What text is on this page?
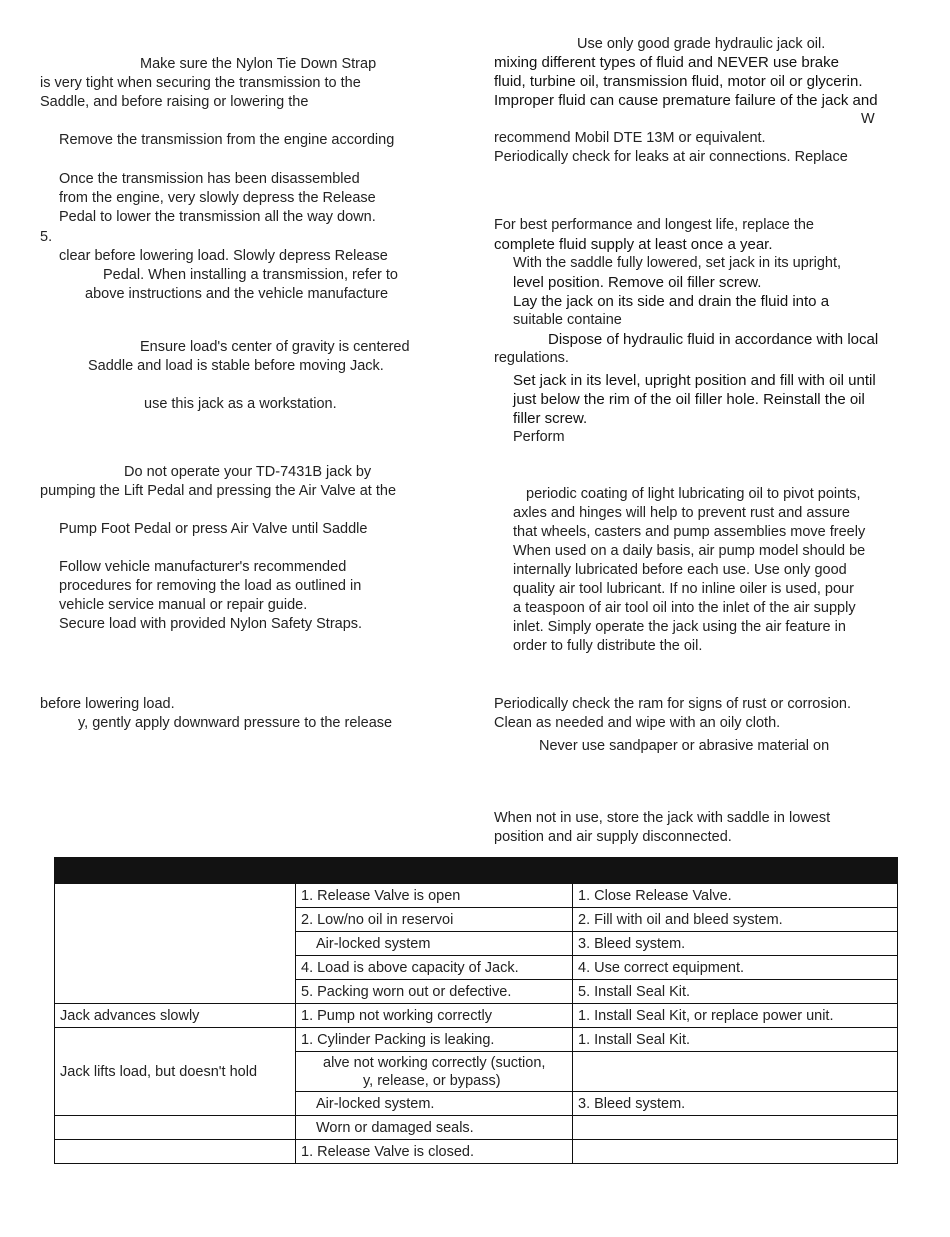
Make sure the Nylon Tie Down Strap
is very tight when securing the transmission to the
Saddle, and before raising or lowering the
Remove the transmission from the engine according
Once the transmission has been disassembled
from the engine, very slowly depress the Release
Pedal to lower the transmission all the way down.
5.
clear before lowering load. Slowly depress Release
Pedal. When installing a transmission, refer to
above instructions and the vehicle manufacture
Ensure load's center of gravity is centered
Saddle and load is stable before moving Jack.
use this jack as a workstation.
Do not operate your TD-7431B jack by
pumping the Lift Pedal and pressing the Air Valve at the
Pump Foot Pedal or press Air Valve until Saddle
Follow vehicle manufacturer's recommended
procedures for removing the load as outlined in
vehicle service manual or repair guide.
Secure load with provided Nylon Safety Straps.
before lowering load.
y, gently apply downward pressure to the release
Use only good grade hydraulic jack oil.
mixing different types of fluid and NEVER use brake
fluid, turbine oil, transmission fluid, motor oil or glycerin.
Improper fluid can cause premature failure of the jack and
W
recommend Mobil DTE 13M or equivalent.
Periodically check for leaks at air connections. Replace
For best performance and longest life, replace the
complete fluid supply at least once a year.
With the saddle fully lowered, set jack in its upright,
level position. Remove oil filler screw.
Lay the jack on its side and drain the fluid into a
suitable containe
Dispose of hydraulic fluid in accordance with local
regulations.
Set jack in its level, upright position and fill with oil until
just below the rim of the oil filler hole. Reinstall the oil
filler screw.
Perform
periodic coating of light lubricating oil to pivot points,
axles and hinges will help to prevent rust and assure
that wheels, casters and pump assemblies move freely
When used on a daily basis, air pump model should be
internally lubricated before each use. Use only good
quality air tool lubricant. If no inline oiler is used, pour
a teaspoon of air tool oil into the inlet of the air supply
inlet. Simply operate the jack using the air feature in
order to fully distribute the oil.
Periodically check the ram for signs of rust or corrosion.
Clean as needed and wipe with an oily cloth.
Never use sandpaper or abrasive material on
When not in use, store the jack with saddle in lowest
position and air supply disconnected.

	1. Release Valve is open	1. Close Release Valve.
	2. Low/no oil in reservoi	2. Fill with oil and bleed system.
	Air-locked system	3. Bleed system.
	4. Load is above capacity of Jack.	4. Use correct equipment.
	5. Packing worn out or defective.	5. Install Seal Kit.
Jack advances slowly	1. Pump not working correctly	1. Install Seal Kit, or replace power unit.
Jack lifts load, but doesn't hold	1. Cylinder Packing is leaking.	1. Install Seal Kit.

	alve not working correctly (suction,
y, release, or bypass)	

	Air-locked system.	3. Bleed system.
	Worn or damaged seals.	
	1. Release Valve is closed.	
